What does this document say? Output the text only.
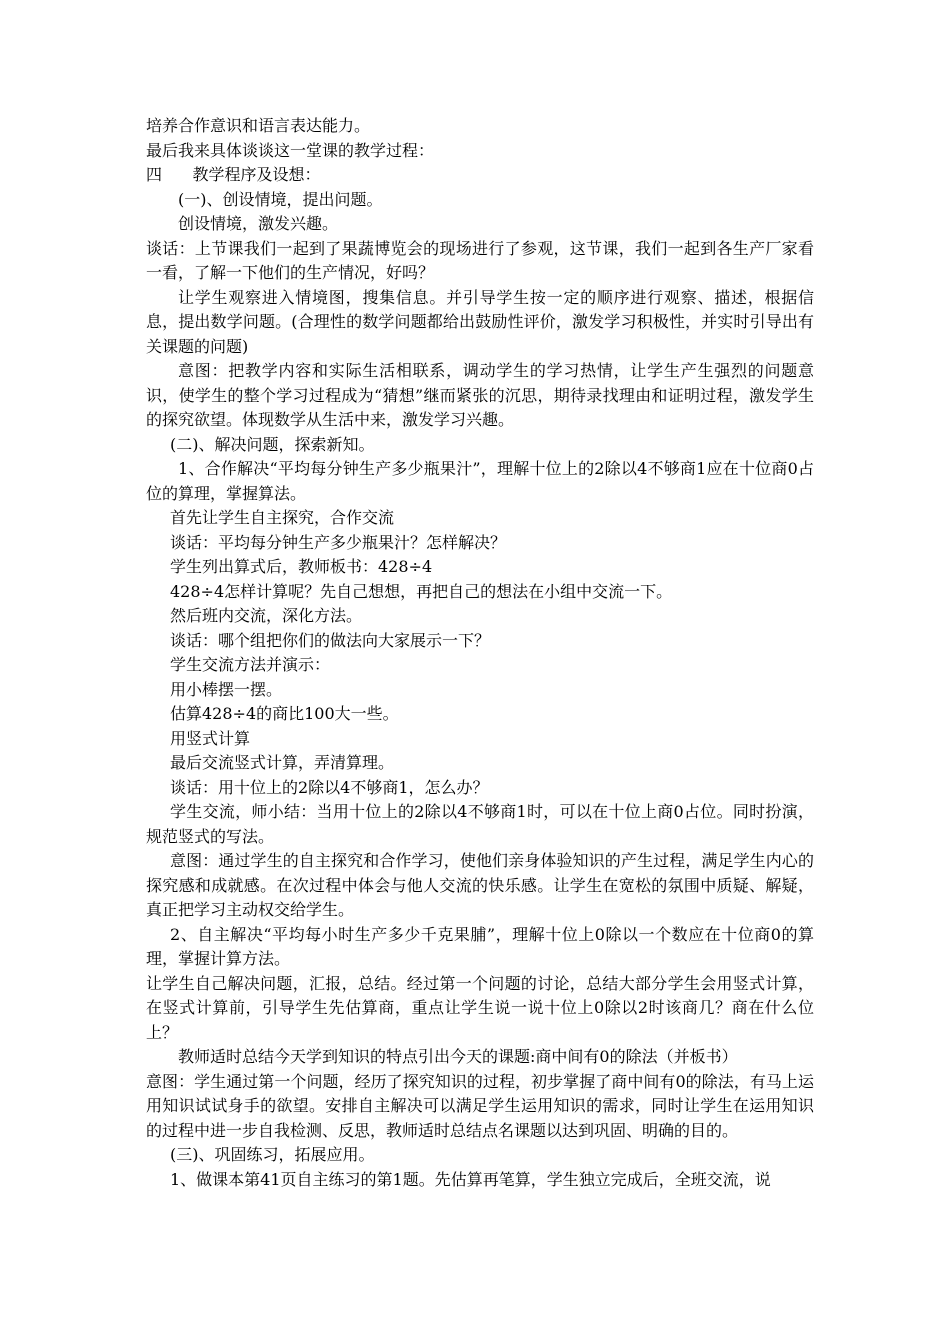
培养合作意识和语言表达能力。

最后我来具体谈谈这一堂课的教学过程：

四      教学程序及设想：

(一)、创设情境，提出问题。

创设情境，激发兴趣。

谈话：上节课我们一起到了果蔬博览会的现场进行了参观，这节课，我们一起到各生产厂家看一看，了解一下他们的生产情况，好吗？

让学生观察进入情境图，搜集信息。并引导学生按一定的顺序进行观察、描述，根据信息，提出数学问题。(合理性的数学问题都给出鼓励性评价，激发学习积极性，并实时引导出有关课题的问题)

意图：把教学内容和实际生活相联系，调动学生的学习热情，让学生产生强烈的问题意识，使学生的整个学习过程成为“猜想”继而紧张的沉思，期待录找理由和证明过程，激发学生的探究欲望。体现数学从生活中来，激发学习兴趣。

(二)、解决问题，探索新知。

1、合作解决“平均每分钟生产多少瓶果汁”，理解十位上的2除以4不够商1应在十位商0占位的算理，掌握算法。

首先让学生自主探究，合作交流

谈话：平均每分钟生产多少瓶果汁？怎样解决？

学生列出算式后，教师板书：428÷4

428÷4怎样计算呢？先自己想想，再把自己的想法在小组中交流一下。

然后班内交流，深化方法。

谈话：哪个组把你们的做法向大家展示一下？

学生交流方法并演示：

用小棒摆一摆。

估算428÷4的商比100大一些。

用竖式计算

最后交流竖式计算，弄清算理。

谈话：用十位上的2除以4不够商1，怎么办？

学生交流，师小结：当用十位上的2除以4不够商1时，可以在十位上商0占位。同时扮演，规范竖式的写法。

意图：通过学生的自主探究和合作学习，使他们亲身体验知识的产生过程，满足学生内心的探究感和成就感。在次过程中体会与他人交流的快乐感。让学生在宽松的氛围中质疑、解疑，真正把学习主动权交给学生。

2、自主解决“平均每小时生产多少千克果脯”，理解十位上0除以一个数应在十位商0的算理，掌握计算方法。

让学生自己解决问题，汇报，总结。经过第一个问题的讨论，总结大部分学生会用竖式计算，在竖式计算前，引导学生先估算商，重点让学生说一说十位上0除以2时该商几？商在什么位上？

教师适时总结今天学到知识的特点引出今天的课题:商中间有0的除法（并板书）

意图：学生通过第一个问题，经历了探究知识的过程，初步掌握了商中间有0的除法，有马上运用知识试试身手的欲望。安排自主解决可以满足学生运用知识的需求，同时让学生在运用知识的过程中进一步自我检测、反思，教师适时总结点名课题以达到巩固、明确的目的。

(三)、巩固练习，拓展应用。

1、做课本第41页自主练习的第1题。先估算再笔算，学生独立完成后，全班交流，说
